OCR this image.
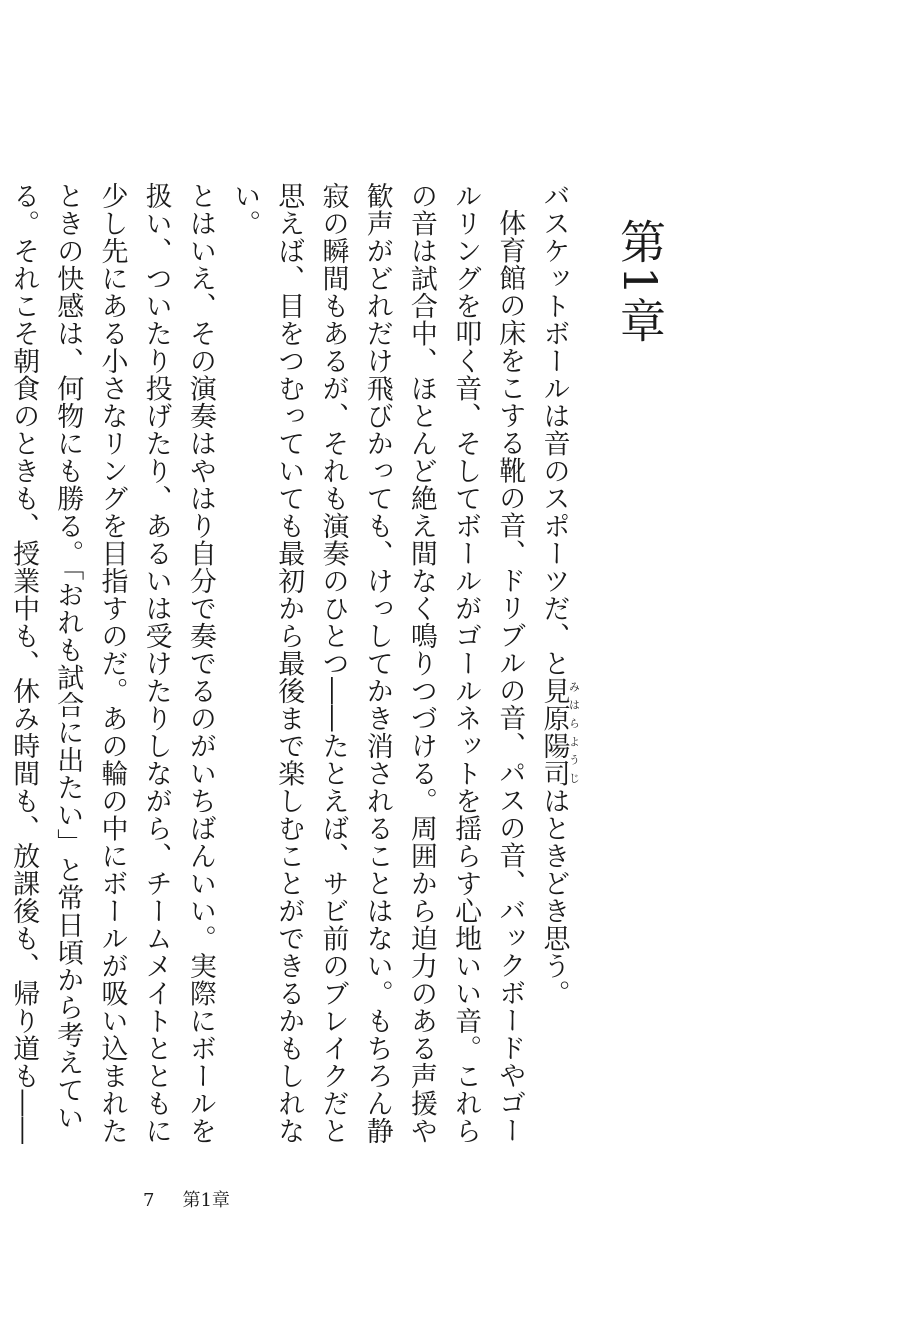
第1章

バスケットボールは音のスポーツだ、と見原陽司みはらようじはときどき思う。

体育館の床をこする靴の音、ドリブルの音、パスの音、バックボードやゴールリングを叩く音、そしてボールがゴールネットを揺らす心地いい音。これらの音は試合中、ほとんど絶え間なく鳴りつづける。周囲から迫力のある声援や歓声がどれだけ飛びかっても、けっしてかき消されることはない。もちろん静寂の瞬間もあるが、それも演奏のひとつ――たとえば、サビ前のブレイクだと思えば、目をつむっていても最初から最後まで楽しむことができるかもしれない。

とはいえ、その演奏はやはり自分で奏でるのがいちばんいい。実際にボールを扱い、ついたり投げたり、あるいは受けたりしながら、チームメイトとともに少し先にある小さなリングを目指すのだ。あの輪の中にボールが吸い込まれたときの快感は、何物にも勝る。「おれも試合に出たい」と常日頃から考えている。それこそ朝食のときも、授業中も、休み時間も、放課後も、帰り道も――

7 第1章
